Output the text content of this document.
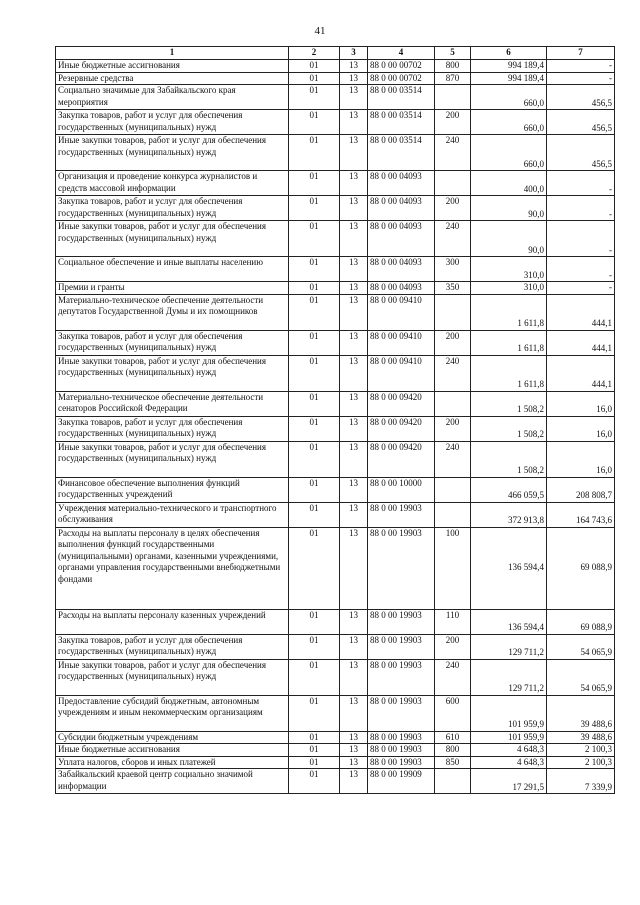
41
1	2	3	4	5	6	7
Иные бюджетные ассигнования	01	13	88 0 00 00702	800	994 189,4	-
Резервные средства	01	13	88 0 00 00702	870	994 189,4	-
Социально значимые для Забайкальского края мероприятия	01	13	88 0 00 03514		660,0	456,5
Закупка товаров, работ и услуг для обеспечения государственных (муниципальных) нужд	01	13	88 0 00 03514	200	660,0	456,5
Иные закупки товаров, работ и услуг для обеспечения государственных (муниципальных) нужд	01	13	88 0 00 03514	240	660,0	456,5
Организация и проведение конкурса журналистов и средств массовой информации	01	13	88 0 00 04093		400,0	-
Закупка товаров, работ и услуг для обеспечения государственных (муниципальных) нужд	01	13	88 0 00 04093	200	90,0	-
Иные закупки товаров, работ и услуг для обеспечения государственных (муниципальных) нужд	01	13	88 0 00 04093	240	90,0	-
Социальное обеспечение и иные выплаты населению	01	13	88 0 00 04093	300	310,0	-
Премии и гранты	01	13	88 0 00 04093	350	310,0	-
Материально-техническое обеспечение деятельности депутатов Государственной Думы и их помощников	01	13	88 0 00 09410		1 611,8	444,1
Закупка товаров, работ и услуг для обеспечения государственных (муниципальных) нужд	01	13	88 0 00 09410	200	1 611,8	444,1
Иные закупки товаров, работ и услуг для обеспечения государственных (муниципальных) нужд	01	13	88 0 00 09410	240	1 611,8	444,1
Материально-техническое обеспечение деятельности сенаторов Российской Федерации	01	13	88 0 00 09420		1 508,2	16,0
Закупка товаров, работ и услуг для обеспечения государственных (муниципальных) нужд	01	13	88 0 00 09420	200	1 508,2	16,0
Иные закупки товаров, работ и услуг для обеспечения государственных (муниципальных) нужд	01	13	88 0 00 09420	240	1 508,2	16,0
Финансовое обеспечение выполнения функций государственных учреждений	01	13	88 0 00 10000		466 059,5	208 808,7
Учреждения материально-технического и транспортного обслуживания	01	13	88 0 00 19903		372 913,8	164 743,6
Расходы на выплаты персоналу в целях обеспечения выполнения функций государственными (муниципальными) органами, казенными учреждениями, органами управления государственными внебюджетными фондами	01	13	88 0 00 19903	100	136 594,4	69 088,9
Расходы на выплаты персоналу казенных учреждений	01	13	88 0 00 19903	110	136 594,4	69 088,9
Закупка товаров, работ и услуг для обеспечения государственных (муниципальных) нужд	01	13	88 0 00 19903	200	129 711,2	54 065,9
Иные закупки товаров, работ и услуг для обеспечения государственных (муниципальных) нужд	01	13	88 0 00 19903	240	129 711,2	54 065,9
Предоставление субсидий бюджетным, автономным учреждениям и иным некоммерческим организациям	01	13	88 0 00 19903	600	101 959,9	39 488,6
Субсидии бюджетным учреждениям	01	13	88 0 00 19903	610	101 959,9	39 488,6
Иные бюджетные ассигнования	01	13	88 0 00 19903	800	4 648,3	2 100,3
Уплата налогов, сборов и иных платежей	01	13	88 0 00 19903	850	4 648,3	2 100,3
Забайкальский краевой центр социально значимой информации	01	13	88 0 00 19909		17 291,5	7 339,9
